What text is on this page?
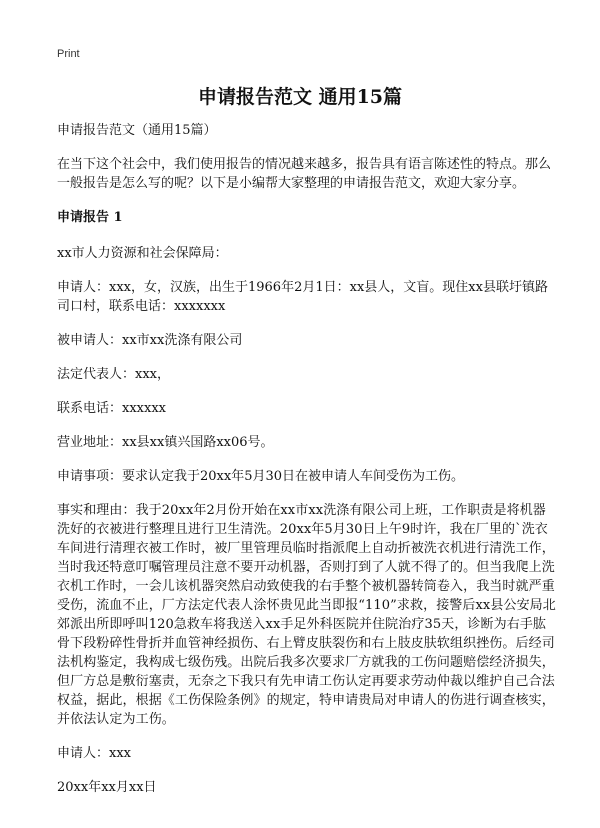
Print
申请报告范文 通用15篇

申请报告范文（通用15篇）

在当下这个社会中，我们使用报告的情况越来越多，报告具有语言陈述性的特点。那么一般报告是怎么写的呢？以下是小编帮大家整理的申请报告范文，欢迎大家分享。

申请报告 1

xx市人力资源和社会保障局：

申请人：xxx，女，汉族，出生于1966年2月1日：xx县人，文盲。现住xx县联圩镇路司口村，联系电话：xxxxxxx

被申请人：xx市xx洗涤有限公司

法定代表人：xxx，

联系电话：xxxxxx

营业地址：xx县xx镇兴国路xx06号。

申请事项：要求认定我于20xx年5月30日在被申请人车间受伤为工伤。

事实和理由：我于20xx年2月份开始在xx市xx洗涤有限公司上班，工作职责是将机器洗好的衣被进行整理且进行卫生清洗。20xx年5月30日上午9时许，我在厂里的`洗衣车间进行清理衣被工作时，被厂里管理员临时指派爬上自动折被洗衣机进行清洗工作，当时我还特意叮嘱管理员注意不要开动机器，否则打到了人就不得了的。但当我爬上洗衣机工作时，一会儿该机器突然启动致使我的右手整个被机器转筒卷入，我当时就严重受伤，流血不止，厂方法定代表人涂怀贵见此当即报“110”求救，接警后xx县公安局北郊派出所即呼叫120急救车将我送入xx手足外科医院并住院治疗35天，诊断为右手肱骨下段粉碎性骨折并血管神经损伤、右上臂皮肤裂伤和右上肢皮肤软组织挫伤。后经司法机构鉴定，我构成七级伤残。出院后我多次要求厂方就我的工伤问题赔偿经济损失，但厂方总是敷衍塞责，无奈之下我只有先申请工伤认定再要求劳动仲裁以维护自己合法权益，据此，根据《工伤保险条例》的规定，特申请贵局对申请人的伤进行调查核实，并依法认定为工伤。

申请人：xxx

20xx年xx月xx日
